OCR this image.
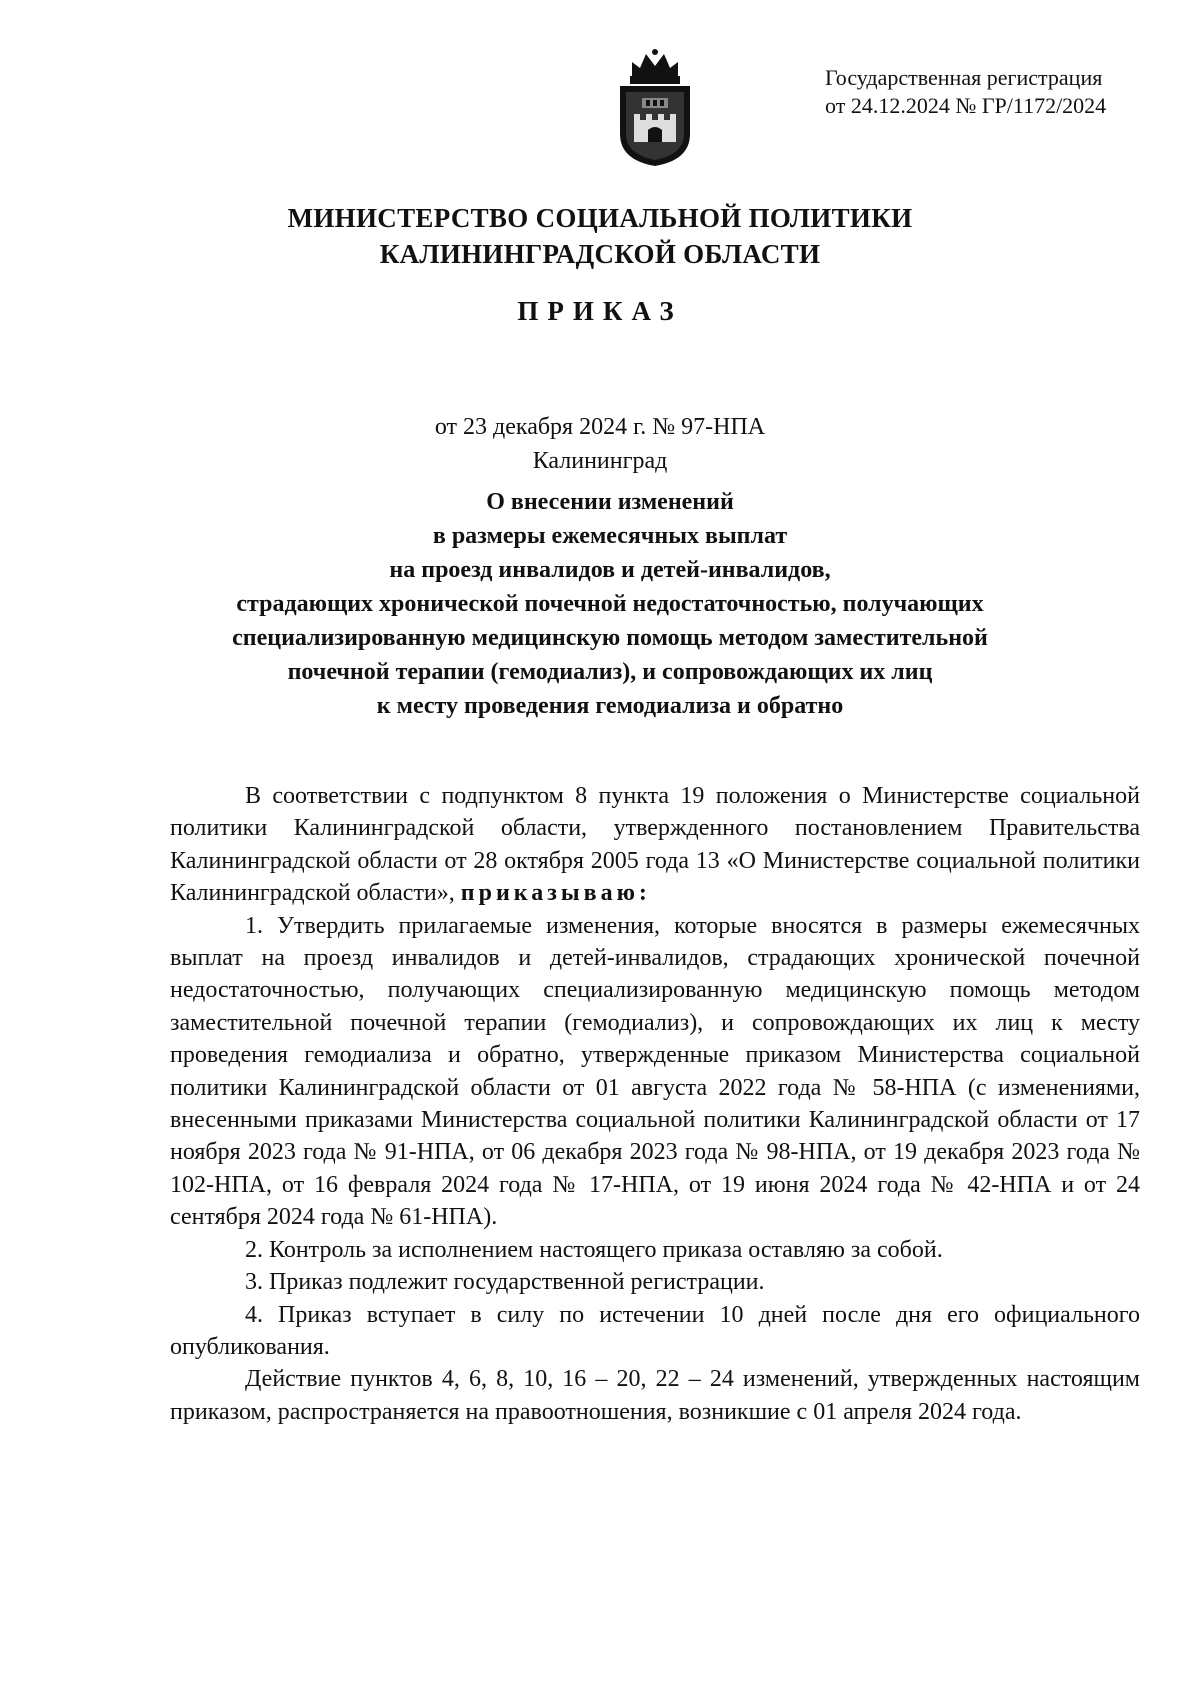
Государственная регистрация
от 24.12.2024 № ГР/1172/2024
МИНИСТЕРСТВО СОЦИАЛЬНОЙ ПОЛИТИКИ
КАЛИНИНГРАДСКОЙ ОБЛАСТИ
ПРИКАЗ
от 23 декабря 2024 г. № 97-НПА
Калининград
О внесении изменений
в размеры ежемесячных выплат
на проезд инвалидов и детей-инвалидов,
страдающих хронической почечной недостаточностью, получающих
специализированную медицинскую помощь методом заместительной
почечной терапии (гемодиализ), и сопровождающих их лиц
к месту проведения гемодиализа и обратно

В соответствии с подпунктом 8 пункта 19 положения о Министерстве социальной политики Калининградской области, утвержденного постановлением Правительства Калининградской области от 28 октября 2005 года 13 «О Министерстве социальной политики Калининградской области», приказываю:

1. Утвердить прилагаемые изменения, которые вносятся в размеры ежемесячных выплат на проезд инвалидов и детей-инвалидов, страдающих хронической почечной недостаточностью, получающих специализированную медицинскую помощь методом заместительной почечной терапии (гемодиализ), и сопровождающих их лиц к месту проведения гемодиализа и обратно, утвержденные приказом Министерства социальной политики Калининградской области от 01 августа 2022 года № 58-НПА (с изменениями, внесенными приказами Министерства социальной политики Калининградской области от 17 ноября 2023 года № 91-НПА, от 06 декабря 2023 года № 98-НПА, от 19 декабря 2023 года № 102-НПА, от 16 февраля 2024 года № 17-НПА, от 19 июня 2024 года № 42-НПА и от 24 сентября 2024 года № 61-НПА).

2. Контроль за исполнением настоящего приказа оставляю за собой.

3. Приказ подлежит государственной регистрации.

4. Приказ вступает в силу по истечении 10 дней после дня его официального опубликования.

Действие пунктов 4, 6, 8, 10, 16 – 20, 22 – 24 изменений, утвержденных настоящим приказом, распространяется на правоотношения, возникшие с 01 апреля 2024 года.
